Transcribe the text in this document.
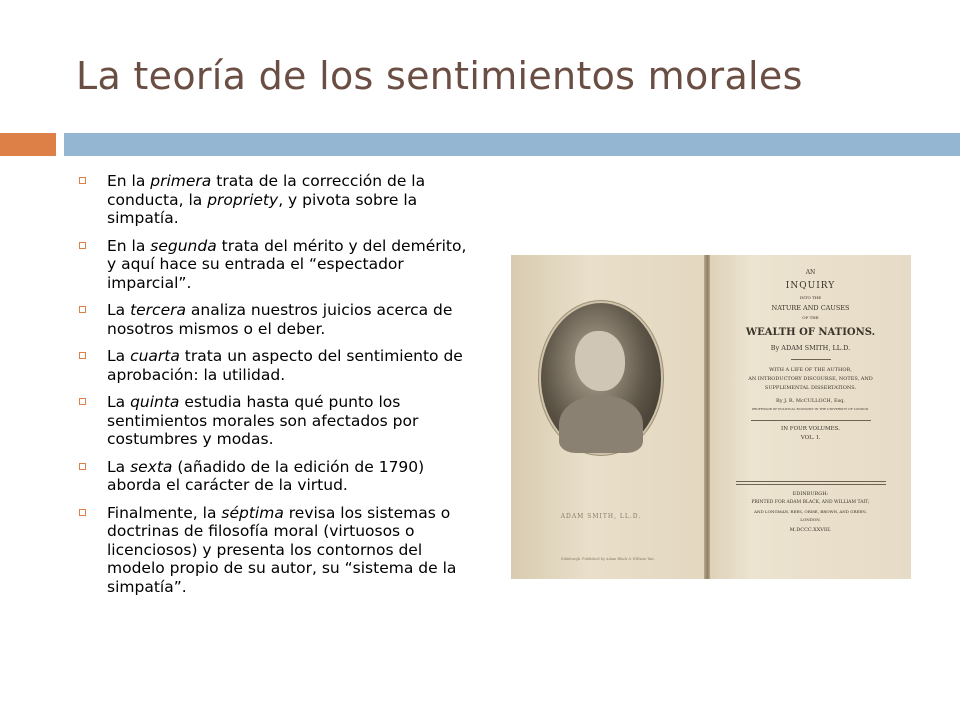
La teoría de los sentimientos morales
En la primera trata de la corrección de la conducta, la propriety, y pivota sobre la simpatía.
En la segunda trata del mérito y del demérito, y aquí hace su entrada el “espectador imparcial”.
La tercera analiza nuestros juicios acerca de nosotros mismos o el deber.
La cuarta trata un aspecto del sentimiento de aprobación: la utilidad.
La quinta estudia hasta qué punto los sentimientos morales son afectados por costumbres y modas.
La sexta (añadido de la edición de 1790) aborda el carácter de la virtud.
Finalmente, la séptima revisa los sistemas o doctrinas de filosofía moral (virtuosos o licenciosos) y presenta los contornos del modelo propio de su autor, su “sistema de la simpatía”.
ADAM SMITH, LL.D.
Edinburgh. Published by Adam Black & William Tait.
AN
INQUIRY
INTO THE
NATURE AND CAUSES
OF THE
WEALTH OF NATIONS.
By ADAM SMITH, LL.D.
WITH A LIFE OF THE AUTHOR,
AN INTRODUCTORY DISCOURSE, NOTES, AND
SUPPLEMENTAL DISSERTATIONS.
By J. R. McCULLOCH, Esq.
PROFESSOR OF POLITICAL ECONOMY IN THE UNIVERSITY OF LONDON.
IN FOUR VOLUMES.
VOL. I.
EDINBURGH:
PRINTED FOR ADAM BLACK, AND WILLIAM TAIT;
AND LONGMAN, REES, ORME, BROWN, AND GREEN,
LONDON.
M.DCCC.XXVIII.
